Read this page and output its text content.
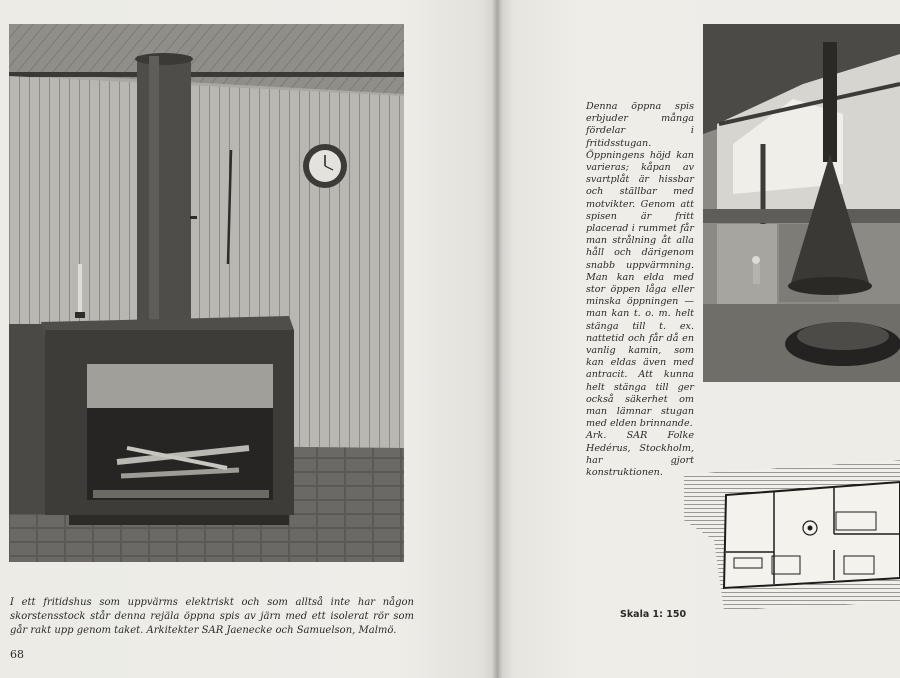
I ett fritidshus som uppvärms elektriskt och som alltså inte har någon skorstensstock står denna rejäla öppna spis av järn med ett isolerat rör som går rakt upp genom taket. Arkitekter SAR Jaenecke och Samuelson, Malmö.

68

Denna öppna spis erbjuder många fördelar i fritidsstugan. Öppningens höjd kan varieras; kåpan av svartplåt är hissbar och ställbar med motvikter. Genom att spisen är fritt placerad i rummet får man strålning åt alla håll och därigenom snabb uppvärmning. Man kan elda med stor öppen låga eller minska öppningen — man kan t. o. m. helt stänga till t. ex. nattetid och får då en vanlig kamin, som kan eldas även med antracit. Att kunna helt stänga till ger också säkerhet om man lämnar stugan med elden brinnande.

Ark. SAR Folke Hedérus, Stockholm, har gjort konstruktionen.

Skala 1: 150
